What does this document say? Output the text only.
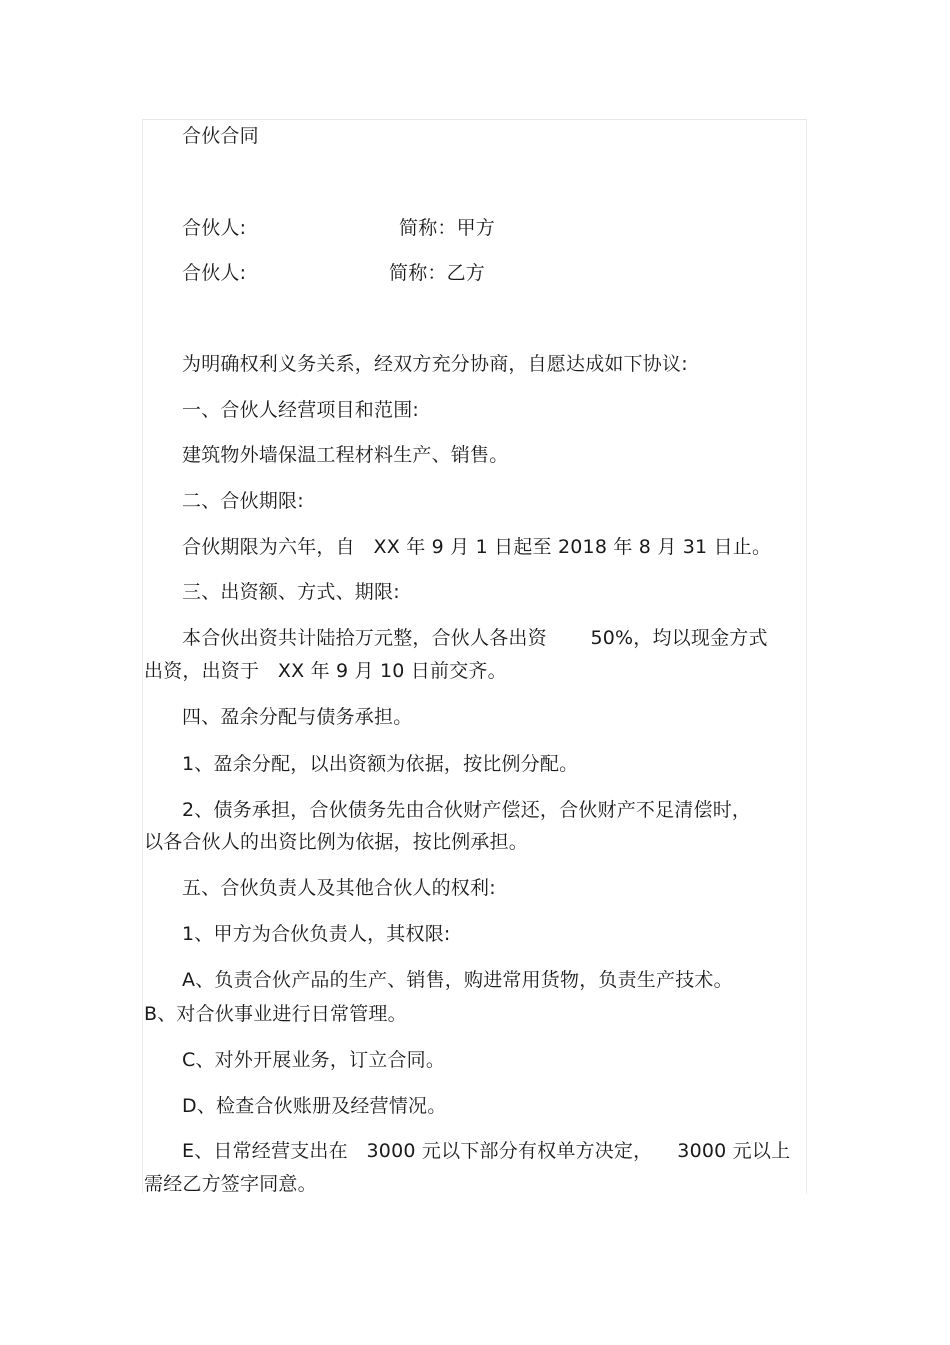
合伙合同
合伙人:	简称：甲方
合伙人:	简称：乙方
为明确权利义务关系，经双方充分协商，自愿达成如下协议:
一、合伙人经营项目和范围:
建筑物外墙保温工程材料生产、销售。
二、合伙期限:
合伙期限为六年，自   XX 年 9 月 1 日起至 2018 年 8 月 31 日止。
三、出资额、方式、期限:
本合伙出资共计陆拾万元整，合伙人各出资       50%，均以现金方式
出资，出资于   XX 年 9 月 10 日前交齐。
四、盈余分配与债务承担。
1、盈余分配，以出资额为依据，按比例分配。
2、债务承担，合伙债务先由合伙财产偿还，合伙财产不足清偿时，
以各合伙人的出资比例为依据，按比例承担。
五、合伙负责人及其他合伙人的权利:
1、甲方为合伙负责人，其权限:
A、负责合伙产品的生产、销售，购进常用货物，负责生产技术。
B、对合伙事业进行日常管理。
C、对外开展业务，订立合同。
D、检查合伙账册及经营情况。
E、日常经营支出在   3000 元以下部分有权单方决定，    3000 元以上
需经乙方签字同意。
